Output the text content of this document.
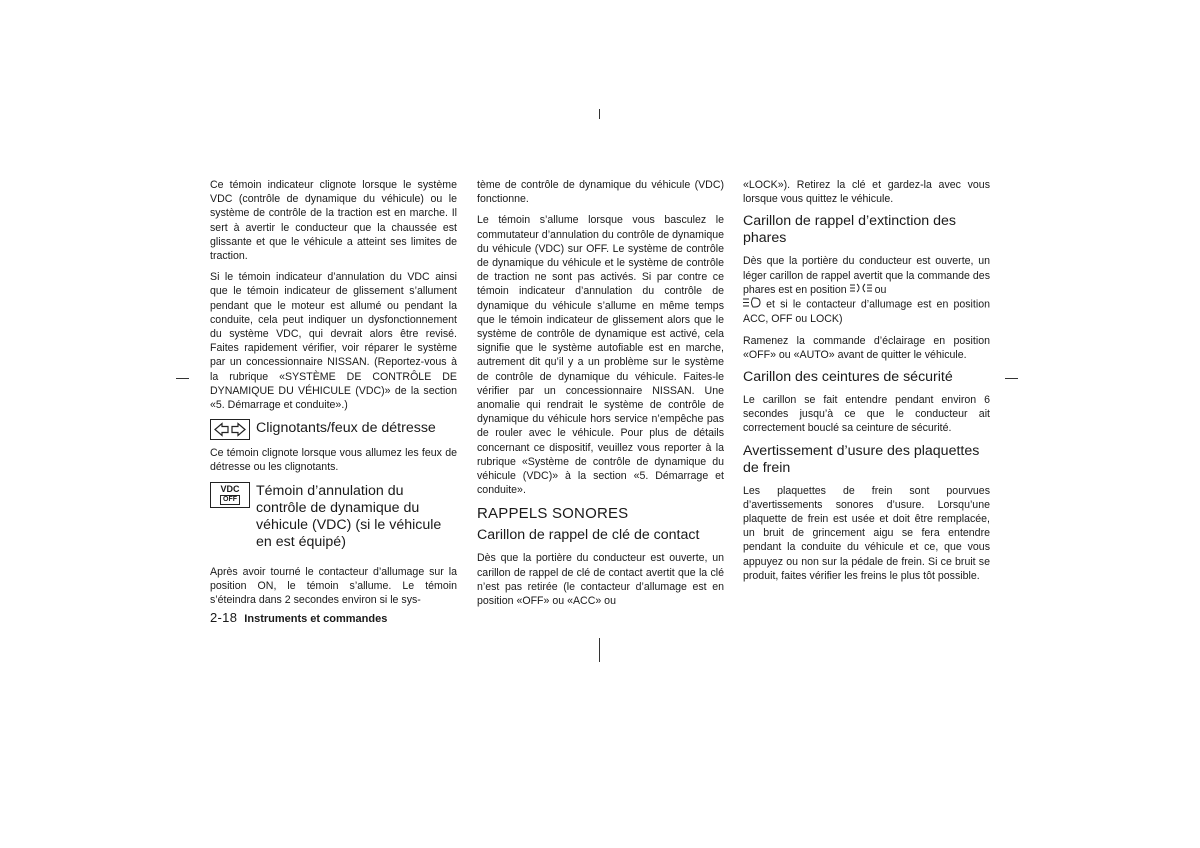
Ce témoin indicateur clignote lorsque le système VDC (contrôle de dynamique du véhicule) ou le système de contrôle de la traction est en marche. Il sert à avertir le conducteur que la chaussée est glissante et que le véhicule a atteint ses limites de traction.

Si le témoin indicateur d’annulation du VDC ainsi que le témoin indicateur de glissement s’allument pendant que le moteur est allumé ou pendant la conduite, cela peut indiquer un dysfonctionnement du système VDC, qui devrait alors être revisé. Faites rapidement vérifier, voir réparer le système par un concessionnaire NISSAN. (Reportez-vous à la rubrique «SYSTÈME DE CONTRÔLE DE DYNAMIQUE DU VÉHICULE (VDC)» de la section «5. Démarrage et conduite».)

Clignotants/feux de détresse

Ce témoin clignote lorsque vous allumez les feux de détresse ou les clignotants.

VDC
OFF
Témoin d’annulation du contrôle de dynamique du véhicule (VDC) (si le véhicule en est équipé)

Après avoir tourné le contacteur d’allumage sur la position ON, le témoin s’allume. Le témoin s’éteindra dans 2 secondes environ si le sys-

tème de contrôle de dynamique du véhicule (VDC) fonctionne.

Le témoin s’allume lorsque vous basculez le commutateur d’annulation du contrôle de dynamique du véhicule (VDC) sur OFF. Le système de contrôle de dynamique du véhicule et le système de contrôle de traction ne sont pas activés. Si par contre ce témoin indicateur d’annulation du contrôle de dynamique du véhicule s’allume en même temps que le témoin indicateur de glissement alors que le système de contrôle de dynamique est activé, cela signifie que le système autofiable est en marche, autrement dit qu’il y a un problème sur le système de contrôle de dynamique du véhicule. Faites-le vérifier par un concessionnaire NISSAN. Une anomalie qui rendrait le système de contrôle de dynamique du véhicule hors service n’empêche pas de rouler avec le véhicule. Pour plus de détails concernant ce dispositif, veuillez vous reporter à la rubrique «Système de contrôle de dynamique du véhicule (VDC)» à la section «5. Démarrage et conduite».

RAPPELS SONORES
Carillon de rappel de clé de contact

Dès que la portière du conducteur est ouverte, un carillon de rappel de clé de contact avertit que la clé n’est pas retirée (le contacteur d’allumage est en position «OFF» ou «ACC» ou

«LOCK»). Retirez la clé et gardez-la avec vous lorsque vous quittez le véhicule.

Carillon de rappel d’extinction des phares

Dès que la portière du conducteur est ouverte, un léger carillon de rappel avertit que la commande des phares est en position	ou
et si le contacteur d’allumage est en position ACC, OFF ou LOCK)

Ramenez la commande d’éclairage en position «OFF» ou «AUTO» avant de quitter le véhicule.

Carillon des ceintures de sécurité

Le carillon se fait entendre pendant environ 6 secondes jusqu’à ce que le conducteur ait correctement bouclé sa ceinture de sécurité.

Avertissement d’usure des plaquettes de frein

Les plaquettes de frein sont pourvues d’avertissements sonores d’usure. Lorsqu’une plaquette de frein est usée et doit être remplacée, un bruit de grincement aigu se fera entendre pendant la conduite du véhicule et ce, que vous appuyez ou non sur la pédale de frein. Si ce bruit se produit, faites vérifier les freins le plus tôt possible.

2-18 Instruments et commandes
